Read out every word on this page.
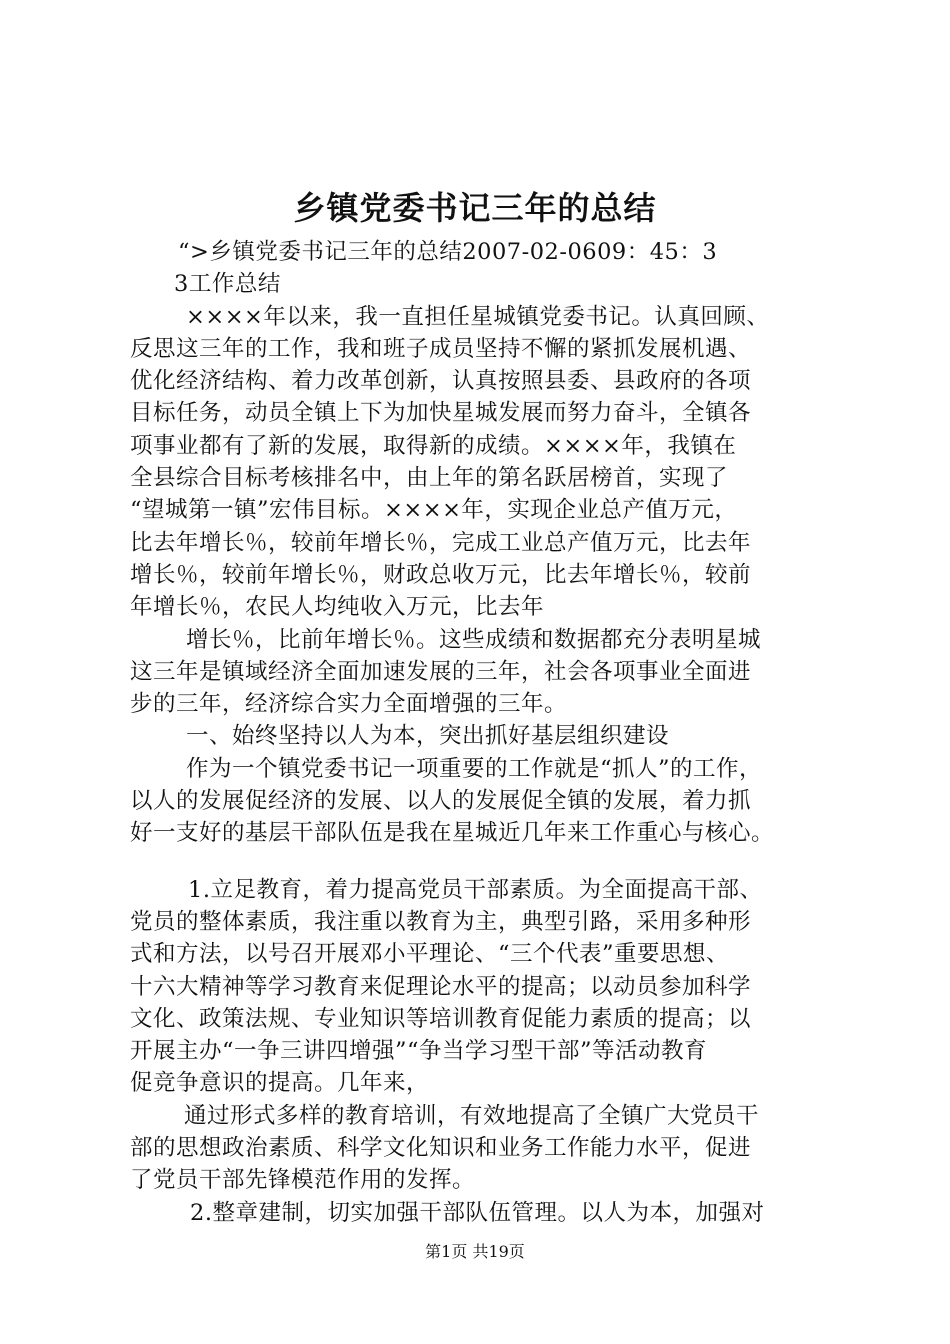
乡镇党委书记三年的总结
“>乡镇党委书记三年的总结2007-02-0609：45：3
3工作总结
××××年以来，我一直担任星城镇党委书记。认真回顾、
反思这三年的工作，我和班子成员坚持不懈的紧抓发展机遇、
优化经济结构、着力改革创新，认真按照县委、县政府的各项
目标任务，动员全镇上下为加快星城发展而努力奋斗，全镇各
项事业都有了新的发展，取得新的成绩。××××年，我镇在
全县综合目标考核排名中，由上年的第名跃居榜首，实现了
“望城第一镇”宏伟目标。××××年，实现企业总产值万元，
比去年增长％，较前年增长％，完成工业总产值万元，比去年
增长％，较前年增长％，财政总收万元，比去年增长％，较前
年增长％，农民人均纯收入万元，比去年
增长％，比前年增长％。这些成绩和数据都充分表明星城
这三年是镇域经济全面加速发展的三年，社会各项事业全面进
步的三年，经济综合实力全面增强的三年。
一、始终坚持以人为本，突出抓好基层组织建设
作为一个镇党委书记一项重要的工作就是“抓人”的工作，
以人的发展促经济的发展、以人的发展促全镇的发展，着力抓
好一支好的基层干部队伍是我在星城近几年来工作重心与核心。
1.立足教育，着力提高党员干部素质。为全面提高干部、
党员的整体素质，我注重以教育为主，典型引路，采用多种形
式和方法，以号召开展邓小平理论、“三个代表”重要思想、
十六大精神等学习教育来促理论水平的提高；以动员参加科学
文化、政策法规、专业知识等培训教育促能力素质的提高；以
开展主办“一争三讲四增强”“争当学习型干部”等活动教育
促竞争意识的提高。几年来，
通过形式多样的教育培训，有效地提高了全镇广大党员干
部的思想政治素质、科学文化知识和业务工作能力水平，促进
了党员干部先锋模范作用的发挥。
2.整章建制，切实加强干部队伍管理。以人为本，加强对
第1页 共19页
